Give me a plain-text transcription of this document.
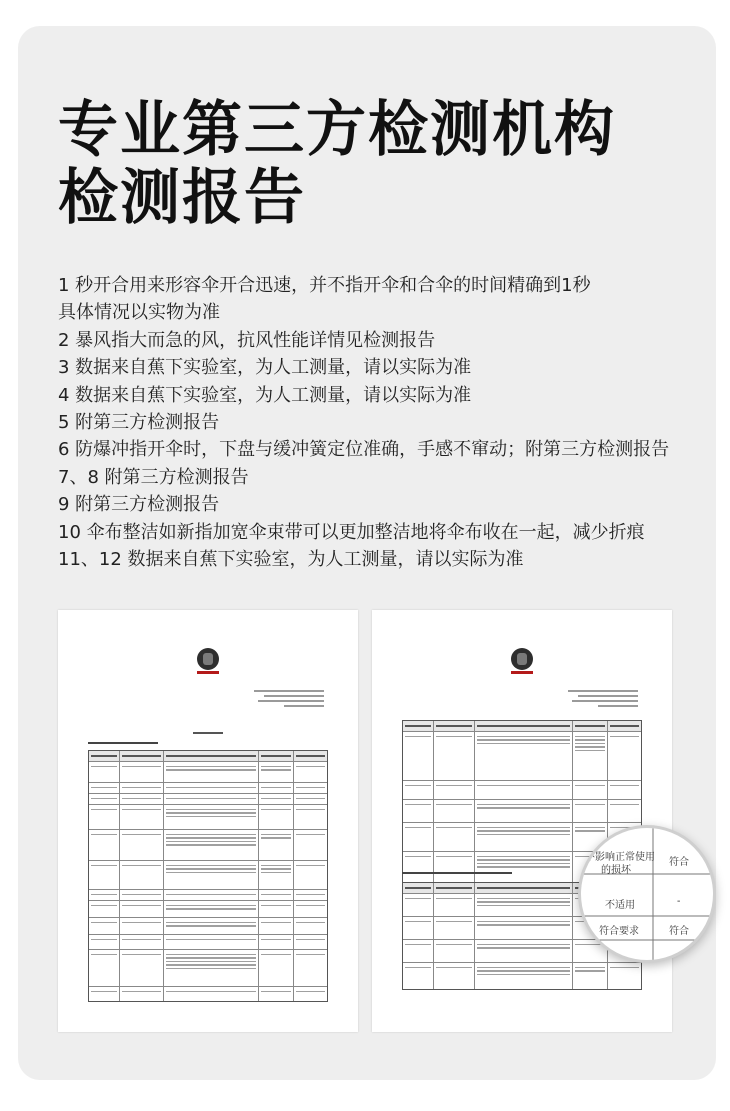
专业第三方检测机构
检测报告

1 秒开合用来形容伞开合迅速，并不指开伞和合伞的时间精确到1秒

具体情况以实物为准

2 暴风指大而急的风，抗风性能详情见检测报告

3 数据来自蕉下实验室，为人工测量，请以实际为准

4 数据来自蕉下实验室，为人工测量，请以实际为准

5 附第三方检测报告

6 防爆冲指开伞时，下盘与缓冲簧定位准确，手感不窜动；附第三方检测报告

7、8 附第三方检测报告

9 附第三方检测报告

10 伞布整洁如新指加宽伞束带可以更加整洁地将伞布收在一起，减少折痕

11、12 数据来自蕉下实验室，为人工测量，请以实际为准

不影响正常使用
的损坏
符合
不适用	-
符合要求	符合
